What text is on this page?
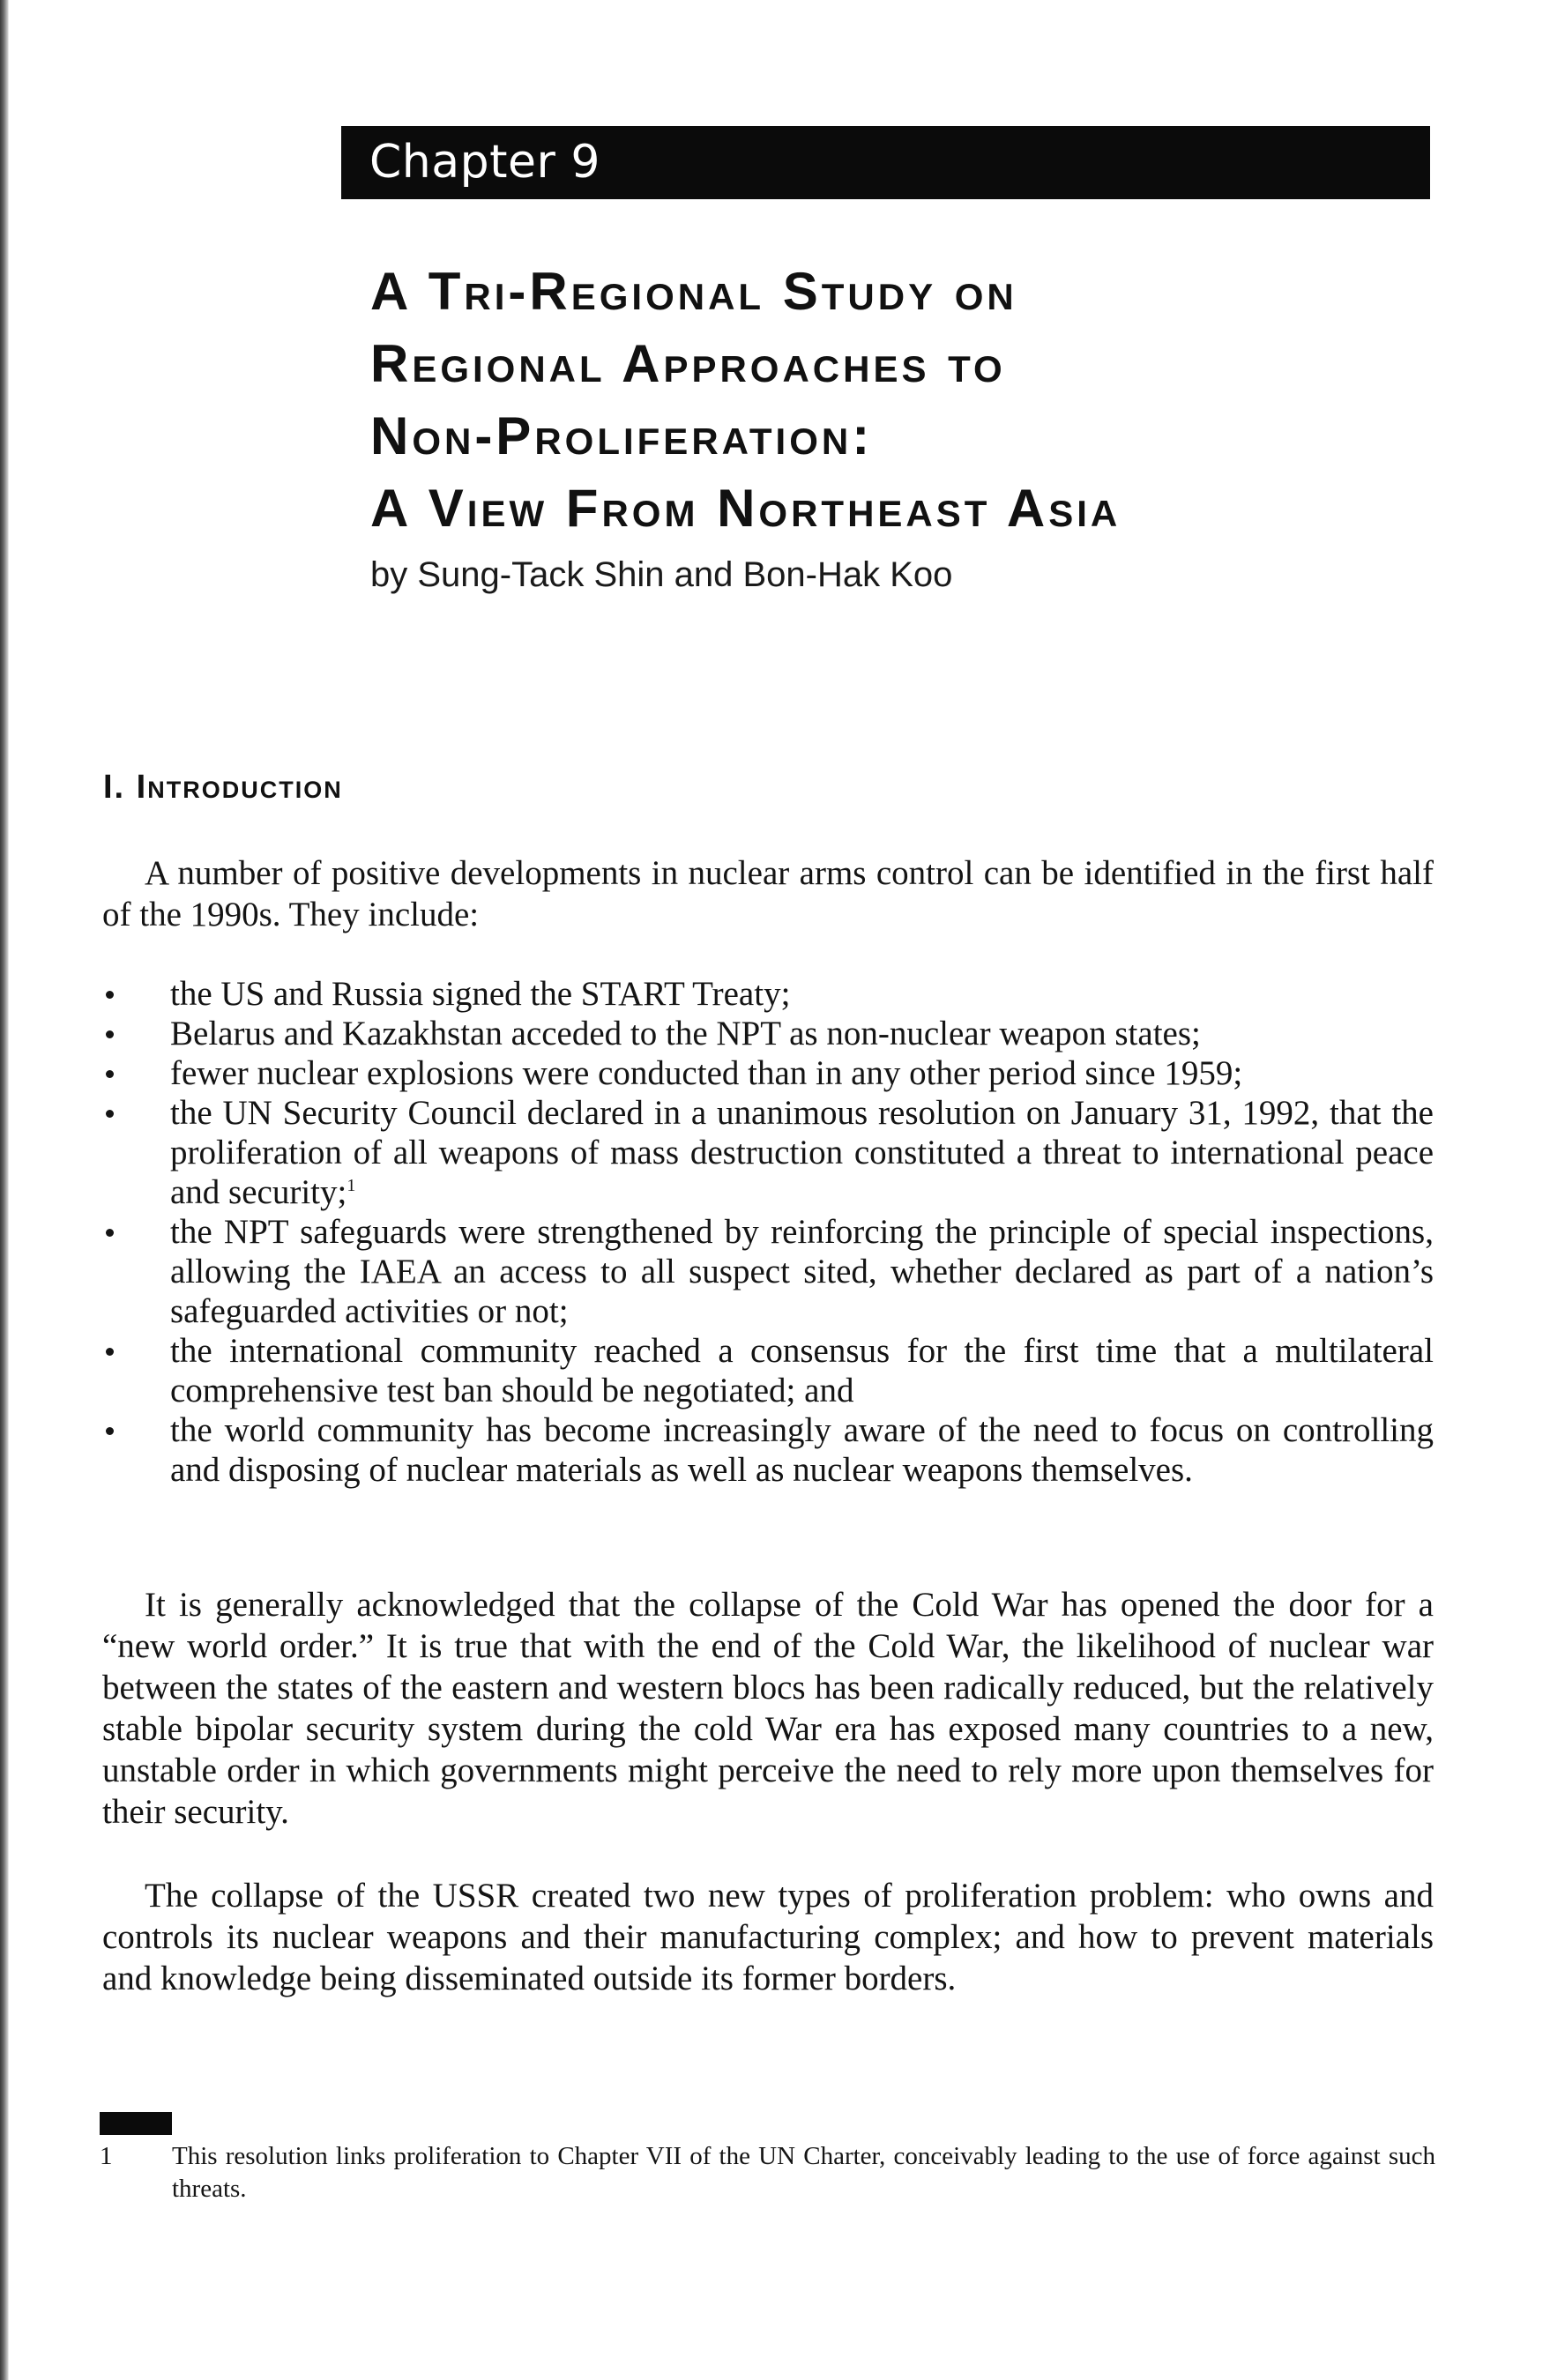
Chapter 9
A Tri-Regional Study on
Regional Approaches to
Non-Proliferation:
A View From Northeast Asia
by Sung-Tack Shin and Bon-Hak Koo
I. Introduction

A number of positive developments in nuclear arms control can be identified in the first half of the 1990s. They include:

the US and Russia signed the START Treaty;
Belarus and Kazakhstan acceded to the NPT as non-nuclear weapon states;
fewer nuclear explosions were conducted than in any other period since 1959;
the UN Security Council declared in a unanimous resolution on January 31, 1992, that the proliferation of all weapons of mass destruction constituted a threat to international peace and security;$^1$
the NPT safeguards were strengthened by reinforcing the principle of special inspections, allowing the IAEA an access to all suspect sited, whether declared as part of a nation’s safeguarded activities or not;
the international community reached a consensus for the first time that a multilateral comprehensive test ban should be negotiated; and
the world community has become increasingly aware of the need to focus on controlling and disposing of nuclear materials as well as nuclear weapons themselves.

It is generally acknowledged that the collapse of the Cold War has opened the door for a “new world order.” It is true that with the end of the Cold War, the likelihood of nuclear war between the states of the eastern and western blocs has been radically reduced, but the relatively stable bipolar security system during the cold War era has exposed many countries to a new, unstable order in which governments might perceive the need to rely more upon themselves for their security.

The collapse of the USSR created two new types of proliferation problem: who owns and controls its nuclear weapons and their manufacturing complex; and how to prevent materials and knowledge being disseminated outside its former borders.

1	This resolution links proliferation to Chapter VII of the UN Charter, conceivably leading to the use of force against such threats.
